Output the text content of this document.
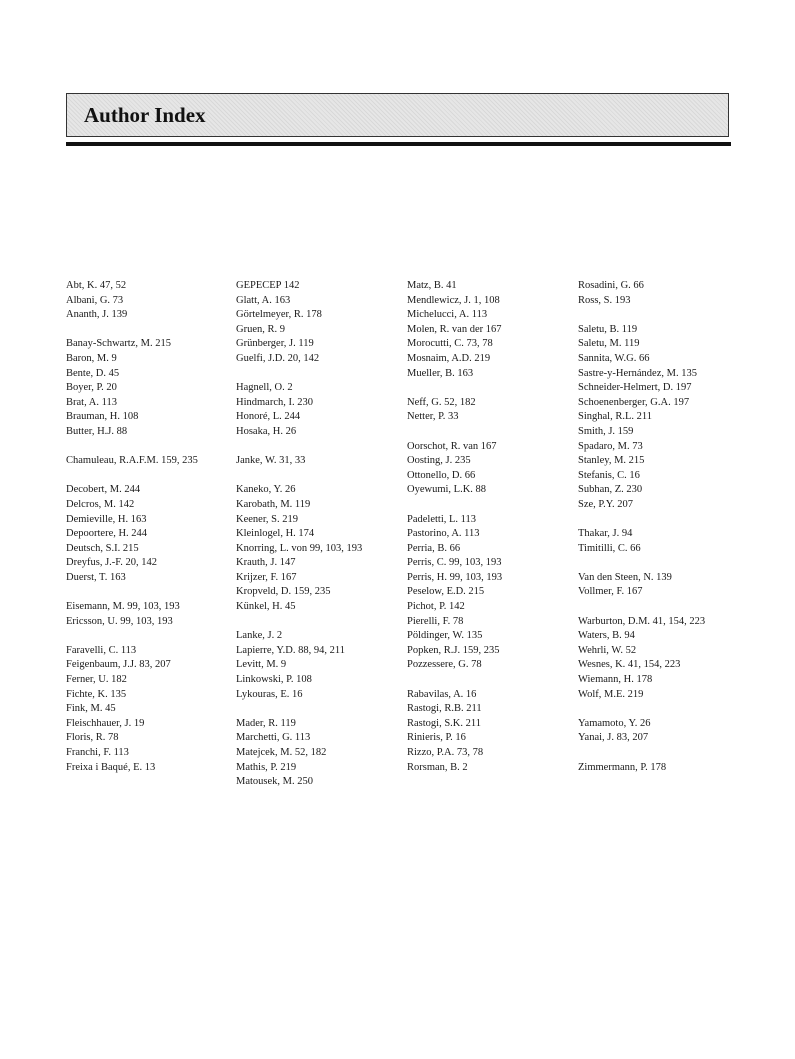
Author Index
Abt, K. 47, 52
Albani, G. 73
Ananth, J. 139
Banay-Schwartz, M. 215
Baron, M. 9
Bente, D. 45
Boyer, P. 20
Brat, A. 113
Brauman, H. 108
Butter, H.J. 88
Chamuleau, R.A.F.M. 159, 235
Decobert, M. 244
Delcros, M. 142
Demieville, H. 163
Depoortere, H. 244
Deutsch, S.I. 215
Dreyfus, J.-F. 20, 142
Duerst, T. 163
Eisemann, M. 99, 103, 193
Ericsson, U. 99, 103, 193
Faravelli, C. 113
Feigenbaum, J.J. 83, 207
Ferner, U. 182
Fichte, K. 135
Fink, M. 45
Fleischhauer, J. 19
Floris, R. 78
Franchi, F. 113
Freixa i Baqué, E. 13
GEPECEP 142
Glatt, A. 163
Görtelmeyer, R. 178
Gruen, R. 9
Grünberger, J. 119
Guelfi, J.D. 20, 142
Hagnell, O. 2
Hindmarch, I. 230
Honoré, L. 244
Hosaka, H. 26
Janke, W. 31, 33
Kaneko, Y. 26
Karobath, M. 119
Keener, S. 219
Kleinlogel, H. 174
Knorring, L. von 99, 103, 193
Krauth, J. 147
Krijzer, F. 167
Kropveld, D. 159, 235
Künkel, H. 45
Lanke, J. 2
Lapierre, Y.D. 88, 94, 211
Levitt, M. 9
Linkowski, P. 108
Lykouras, E. 16
Mader, R. 119
Marchetti, G. 113
Matejcek, M. 52, 182
Mathis, P. 219
Matousek, M. 250
Matz, B. 41
Mendlewicz, J. 1, 108
Michelucci, A. 113
Molen, R. van der 167
Morocutti, C. 73, 78
Mosnaim, A.D. 219
Mueller, B. 163
Neff, G. 52, 182
Netter, P. 33
Oorschot, R. van 167
Oosting, J. 235
Ottonello, D. 66
Oyewumi, L.K. 88
Padeletti, L. 113
Pastorino, A. 113
Perria, B. 66
Perris, C. 99, 103, 193
Perris, H. 99, 103, 193
Peselow, E.D. 215
Pichot, P. 142
Pierelli, F. 78
Pöldinger, W. 135
Popken, R.J. 159, 235
Pozzessere, G. 78
Rabavilas, A. 16
Rastogi, R.B. 211
Rastogi, S.K. 211
Rinieris, P. 16
Rizzo, P.A. 73, 78
Rorsman, B. 2
Rosadini, G. 66
Ross, S. 193
Saletu, B. 119
Saletu, M. 119
Sannita, W.G. 66
Sastre-y-Hernández, M. 135
Schneider-Helmert, D. 197
Schoenenberger, G.A. 197
Singhal, R.L. 211
Smith, J. 159
Spadaro, M. 73
Stanley, M. 215
Stefanis, C. 16
Subhan, Z. 230
Sze, P.Y. 207
Thakar, J. 94
Timitilli, C. 66
Van den Steen, N. 139
Vollmer, F. 167
Warburton, D.M. 41, 154, 223
Waters, B. 94
Wehrli, W. 52
Wesnes, K. 41, 154, 223
Wiemann, H. 178
Wolf, M.E. 219
Yamamoto, Y. 26
Yanai, J. 83, 207
Zimmermann, P. 178
